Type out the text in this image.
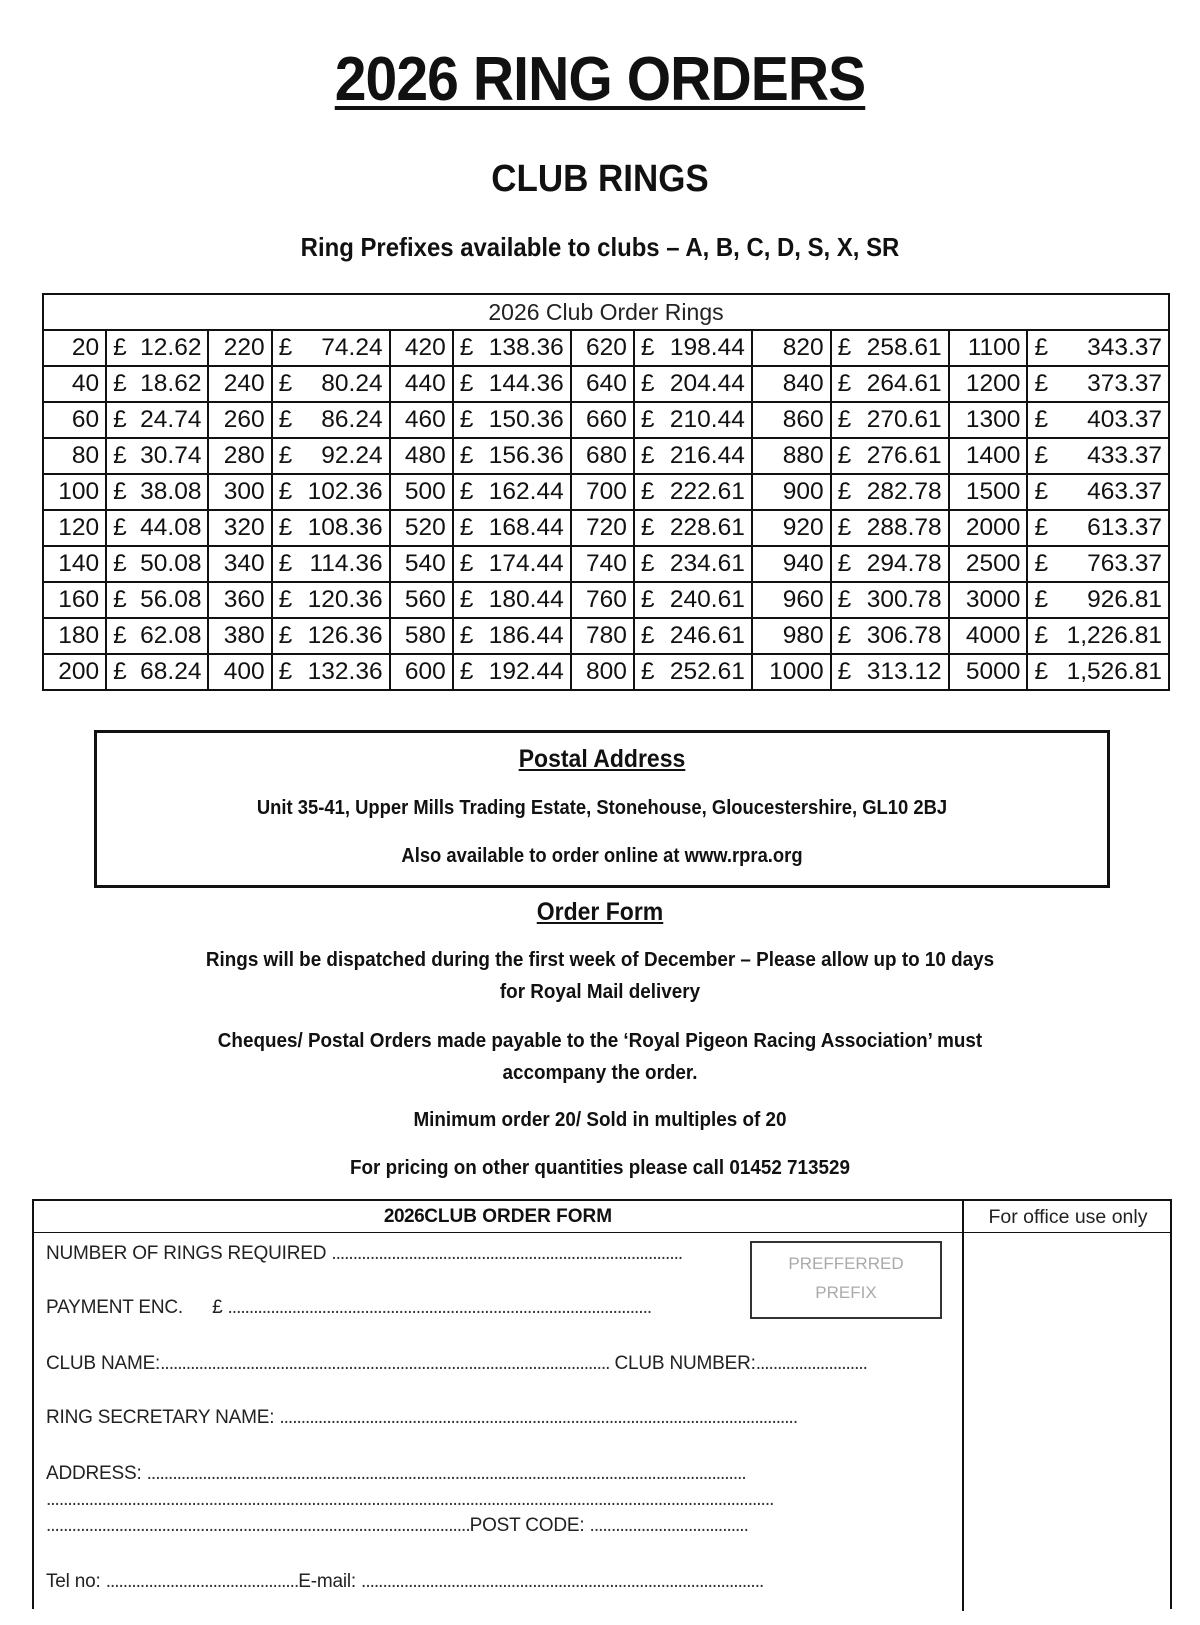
2026 RING ORDERS
CLUB RINGS
Ring Prefixes available to clubs – A, B, C, D, S, X, SR
2026 Club Order Rings											
20	£ 12.62	220	£ 74.24	420	£ 138.36	620	£ 198.44	820	£ 258.61	1100	£ 343.37

40	£ 18.62	240	£ 80.24	440	£ 144.36	640	£ 204.44	840	£ 264.61	1200	£ 373.37

60	£ 24.74	260	£ 86.24	460	£ 150.36	660	£ 210.44	860	£ 270.61	1300	£ 403.37

80	£ 30.74	280	£ 92.24	480	£ 156.36	680	£ 216.44	880	£ 276.61	1400	£ 433.37

100	£ 38.08	300	£ 102.36	500	£ 162.44	700	£ 222.61	900	£ 282.78	1500	£ 463.37

120	£ 44.08	320	£ 108.36	520	£ 168.44	720	£ 228.61	920	£ 288.78	2000	£ 613.37

140	£ 50.08	340	£ 114.36	540	£ 174.44	740	£ 234.61	940	£ 294.78	2500	£ 763.37

160	£ 56.08	360	£ 120.36	560	£ 180.44	760	£ 240.61	960	£ 300.78	3000	£ 926.81

180	£ 62.08	380	£ 126.36	580	£ 186.44	780	£ 246.61	980	£ 306.78	4000	£ 1,226.81

200	£ 68.24	400	£ 132.36	600	£ 192.44	800	£ 252.61	1000	£ 313.12	5000	£ 1,526.81
Postal Address
Unit 35-41, Upper Mills Trading Estate, Stonehouse, Gloucestershire, GL10 2BJ
Also available to order online at www.rpra.org
Order Form
Rings will be dispatched during the first week of December – Please allow up to 10 days
for Royal Mail delivery
Cheques/ Postal Orders made payable to the ‘Royal Pigeon Racing Association’ must
accompany the order.
Minimum order 20/ Sold in multiples of 20
For pricing on other quantities please call 01452 713529
2026CLUB ORDER FORM	For office use only
PREFFERRED
PREFIX
NUMBER OF RINGS REQUIRED ..................................................................................
PAYMENT ENC. £ ...................................................................................................
CLUB NAME:......................................................................................................... CLUB NUMBER:..........................
RING SECRETARY NAME: .........................................................................................................................
ADDRESS: ............................................................................................................................................
..........................................................................................................................................................................
...................................................................................................POST CODE: .....................................
Tel no: .............................................E-mail: ..............................................................................................
